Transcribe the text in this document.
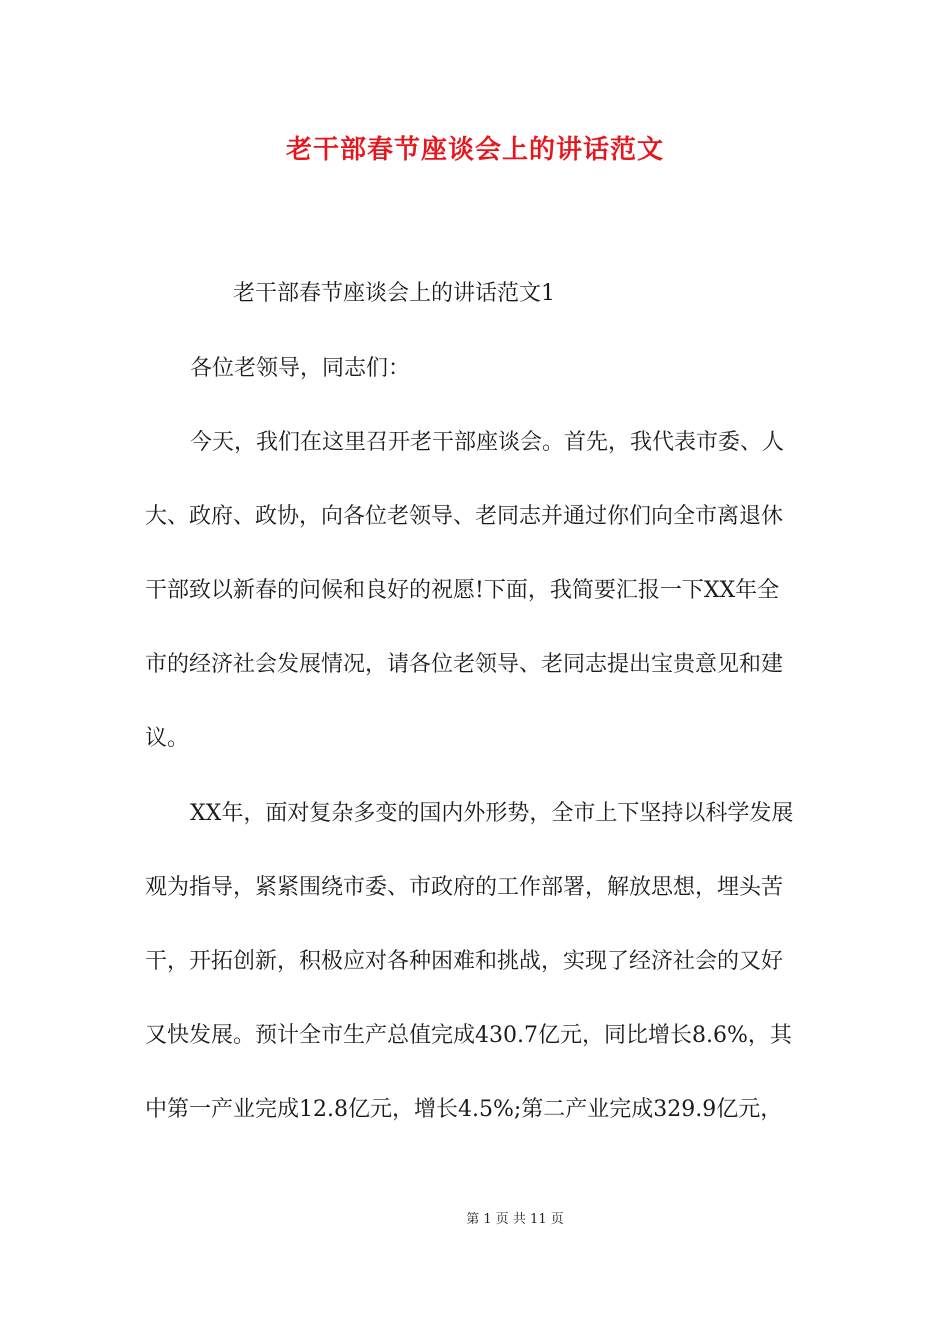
老干部春节座谈会上的讲话范文

老干部春节座谈会上的讲话范文1

各位老领导，同志们：

今天，我们在这里召开老干部座谈会。首先，我代表市委、人

大、政府、政协，向各位老领导、老同志并通过你们向全市离退休

干部致以新春的问候和良好的祝愿!下面，我简要汇报一下XX年全

市的经济社会发展情况，请各位老领导、老同志提出宝贵意见和建

议。

XX年，面对复杂多变的国内外形势，全市上下坚持以科学发展

观为指导，紧紧围绕市委、市政府的工作部署，解放思想，埋头苦

干，开拓创新，积极应对各种困难和挑战，实现了经济社会的又好

又快发展。预计全市生产总值完成430.7亿元，同比增长8.6%，其

中第一产业完成12.8亿元，增长4.5%;第二产业完成329.9亿元，

第 1 页 共 11 页
